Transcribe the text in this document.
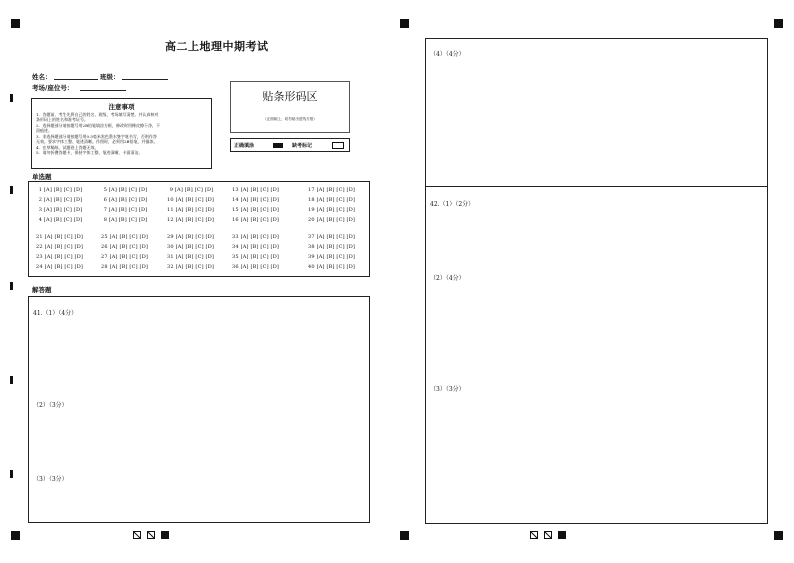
高二上地理中期考试
姓名：	班级：
考场/座位号：
注意事项
1．答题前，考生先将自己的姓名、班级、考场填写清楚，并认真核对
条形码上的姓名和准考证号。
2．选择题部分请按题号用2B铅笔填涂方框，修改时用橡皮擦干净，不
留痕迹。
3．非选择题部分请按题号用0.5毫米黑色墨水签字笔书写，否则作答
无效。要求字体工整、笔迹清晰。作图时，必须用2B铅笔，并描浓。
4．在草稿纸、试题卷上答题无效。
5．请勿折叠答题卡，保持字体工整、笔迹清晰、卡面清洁。
贴条形码区
（正面朝上，切勿贴出虚线方框）
正确填涂	缺考标记
单选题
 1 [A] [B] [C] [D]	 5 [A] [B] [C] [D]	 9 [A] [B] [C] [D]	13 [A] [B] [C] [D]	17 [A] [B] [C] [D]
 2 [A] [B] [C] [D]	 6 [A] [B] [C] [D]	10 [A] [B] [C] [D]	14 [A] [B] [C] [D]	18 [A] [B] [C] [D]
 3 [A] [B] [C] [D]	 7 [A] [B] [C] [D]	11 [A] [B] [C] [D]	15 [A] [B] [C] [D]	19 [A] [B] [C] [D]
 4 [A] [B] [C] [D]	 8 [A] [B] [C] [D]	12 [A] [B] [C] [D]	16 [A] [B] [C] [D]	20 [A] [B] [C] [D]
21 [A] [B] [C] [D]	25 [A] [B] [C] [D]	29 [A] [B] [C] [D]	33 [A] [B] [C] [D]	37 [A] [B] [C] [D]
22 [A] [B] [C] [D]	26 [A] [B] [C] [D]	30 [A] [B] [C] [D]	34 [A] [B] [C] [D]	38 [A] [B] [C] [D]
23 [A] [B] [C] [D]	27 [A] [B] [C] [D]	31 [A] [B] [C] [D]	35 [A] [B] [C] [D]	39 [A] [B] [C] [D]
24 [A] [B] [C] [D]	28 [A] [B] [C] [D]	32 [A] [B] [C] [D]	36 [A] [B] [C] [D]	40 [A] [B] [C] [D]
解答题
41.（1）（4分）
（2）（3分）
（3）（3分）
（4）（4分）
42.（1）（2分）
（2）（4分）
（3）（3分）
